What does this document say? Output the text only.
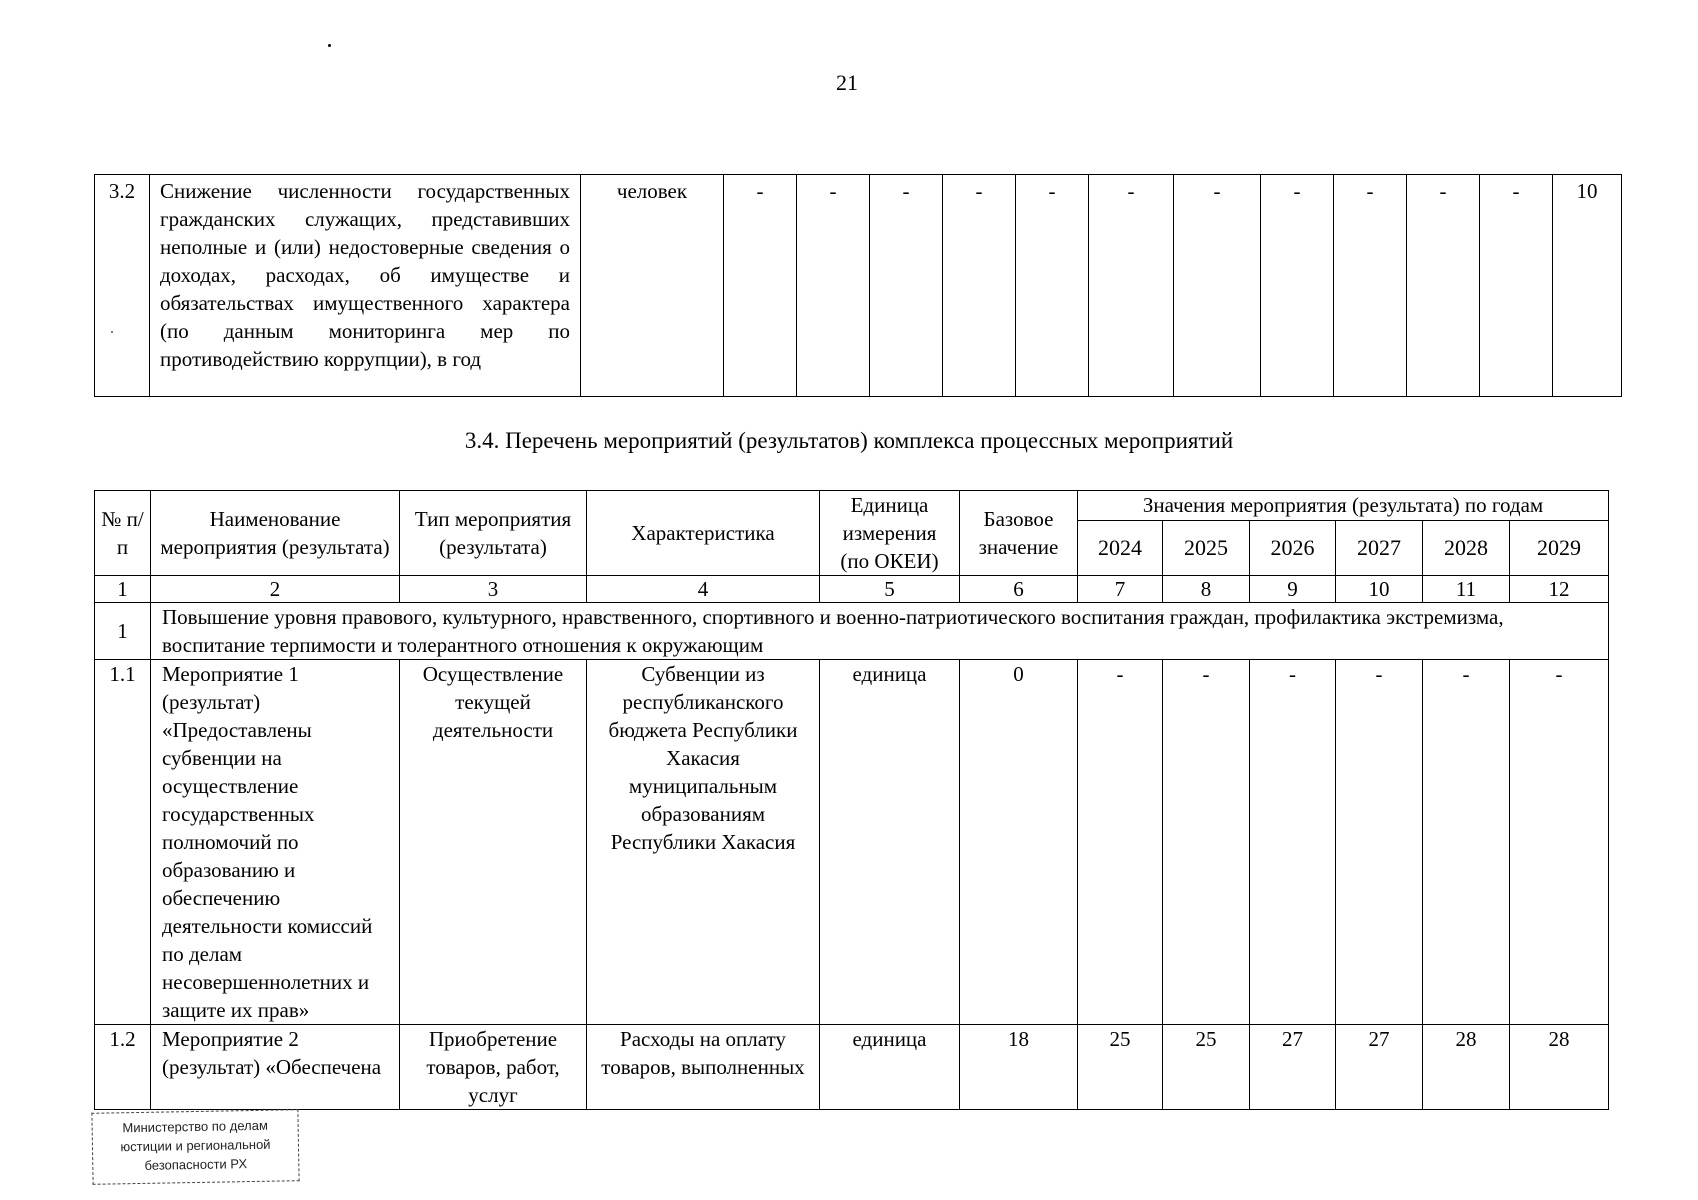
21
3.2	Снижение численности государственных гражданских служащих, представивших неполные и (или) недостоверные сведения о доходах, расходах, об имуществе и обязательствах имущественного характера (по данным мониторинга мер по противодействию коррупции), в год	человек	-	-	-	-	-	-	-	-	-	-	-	10
3.4. Перечень мероприятий (результатов) комплекса процессных мероприятий
№ п/п	Наименование мероприятия (результата)	Тип мероприятия (результата)	Характеристика	Единица измерения (по ОКЕИ)	Базовое значение	Значения мероприятия (результата) по годам					
						2024	2025	2026	2027	2028	2029
1	2	3	4	5	6	7	8	9	10	11	12
1	Повышение уровня правового, культурного, нравственного, спортивного и военно-патриотического воспитания граждан, профилактика экстремизма, воспитание терпимости и толерантного отношения к окружающим										
1.1	Мероприятие 1 (результат) «Предоставлены субвенции на осуществление государственных полномочий по образованию и обеспечению деятельности комиссий по делам несовершеннолетних и защите их прав»	Осуществление текущей деятельности	Субвенции из республиканского бюджета Республики Хакасия муниципальным образованиям Республики Хакасия	единица	0	-	-	-	-	-	-
1.2	Мероприятие 2 (результат) «Обеспечена	Приобретение товаров, работ, услуг	Расходы на оплату товаров, выполненных	единица	18	25	25	27	27	28	28
Министерство по делам
юстиции и региональной
безопасности РХ
